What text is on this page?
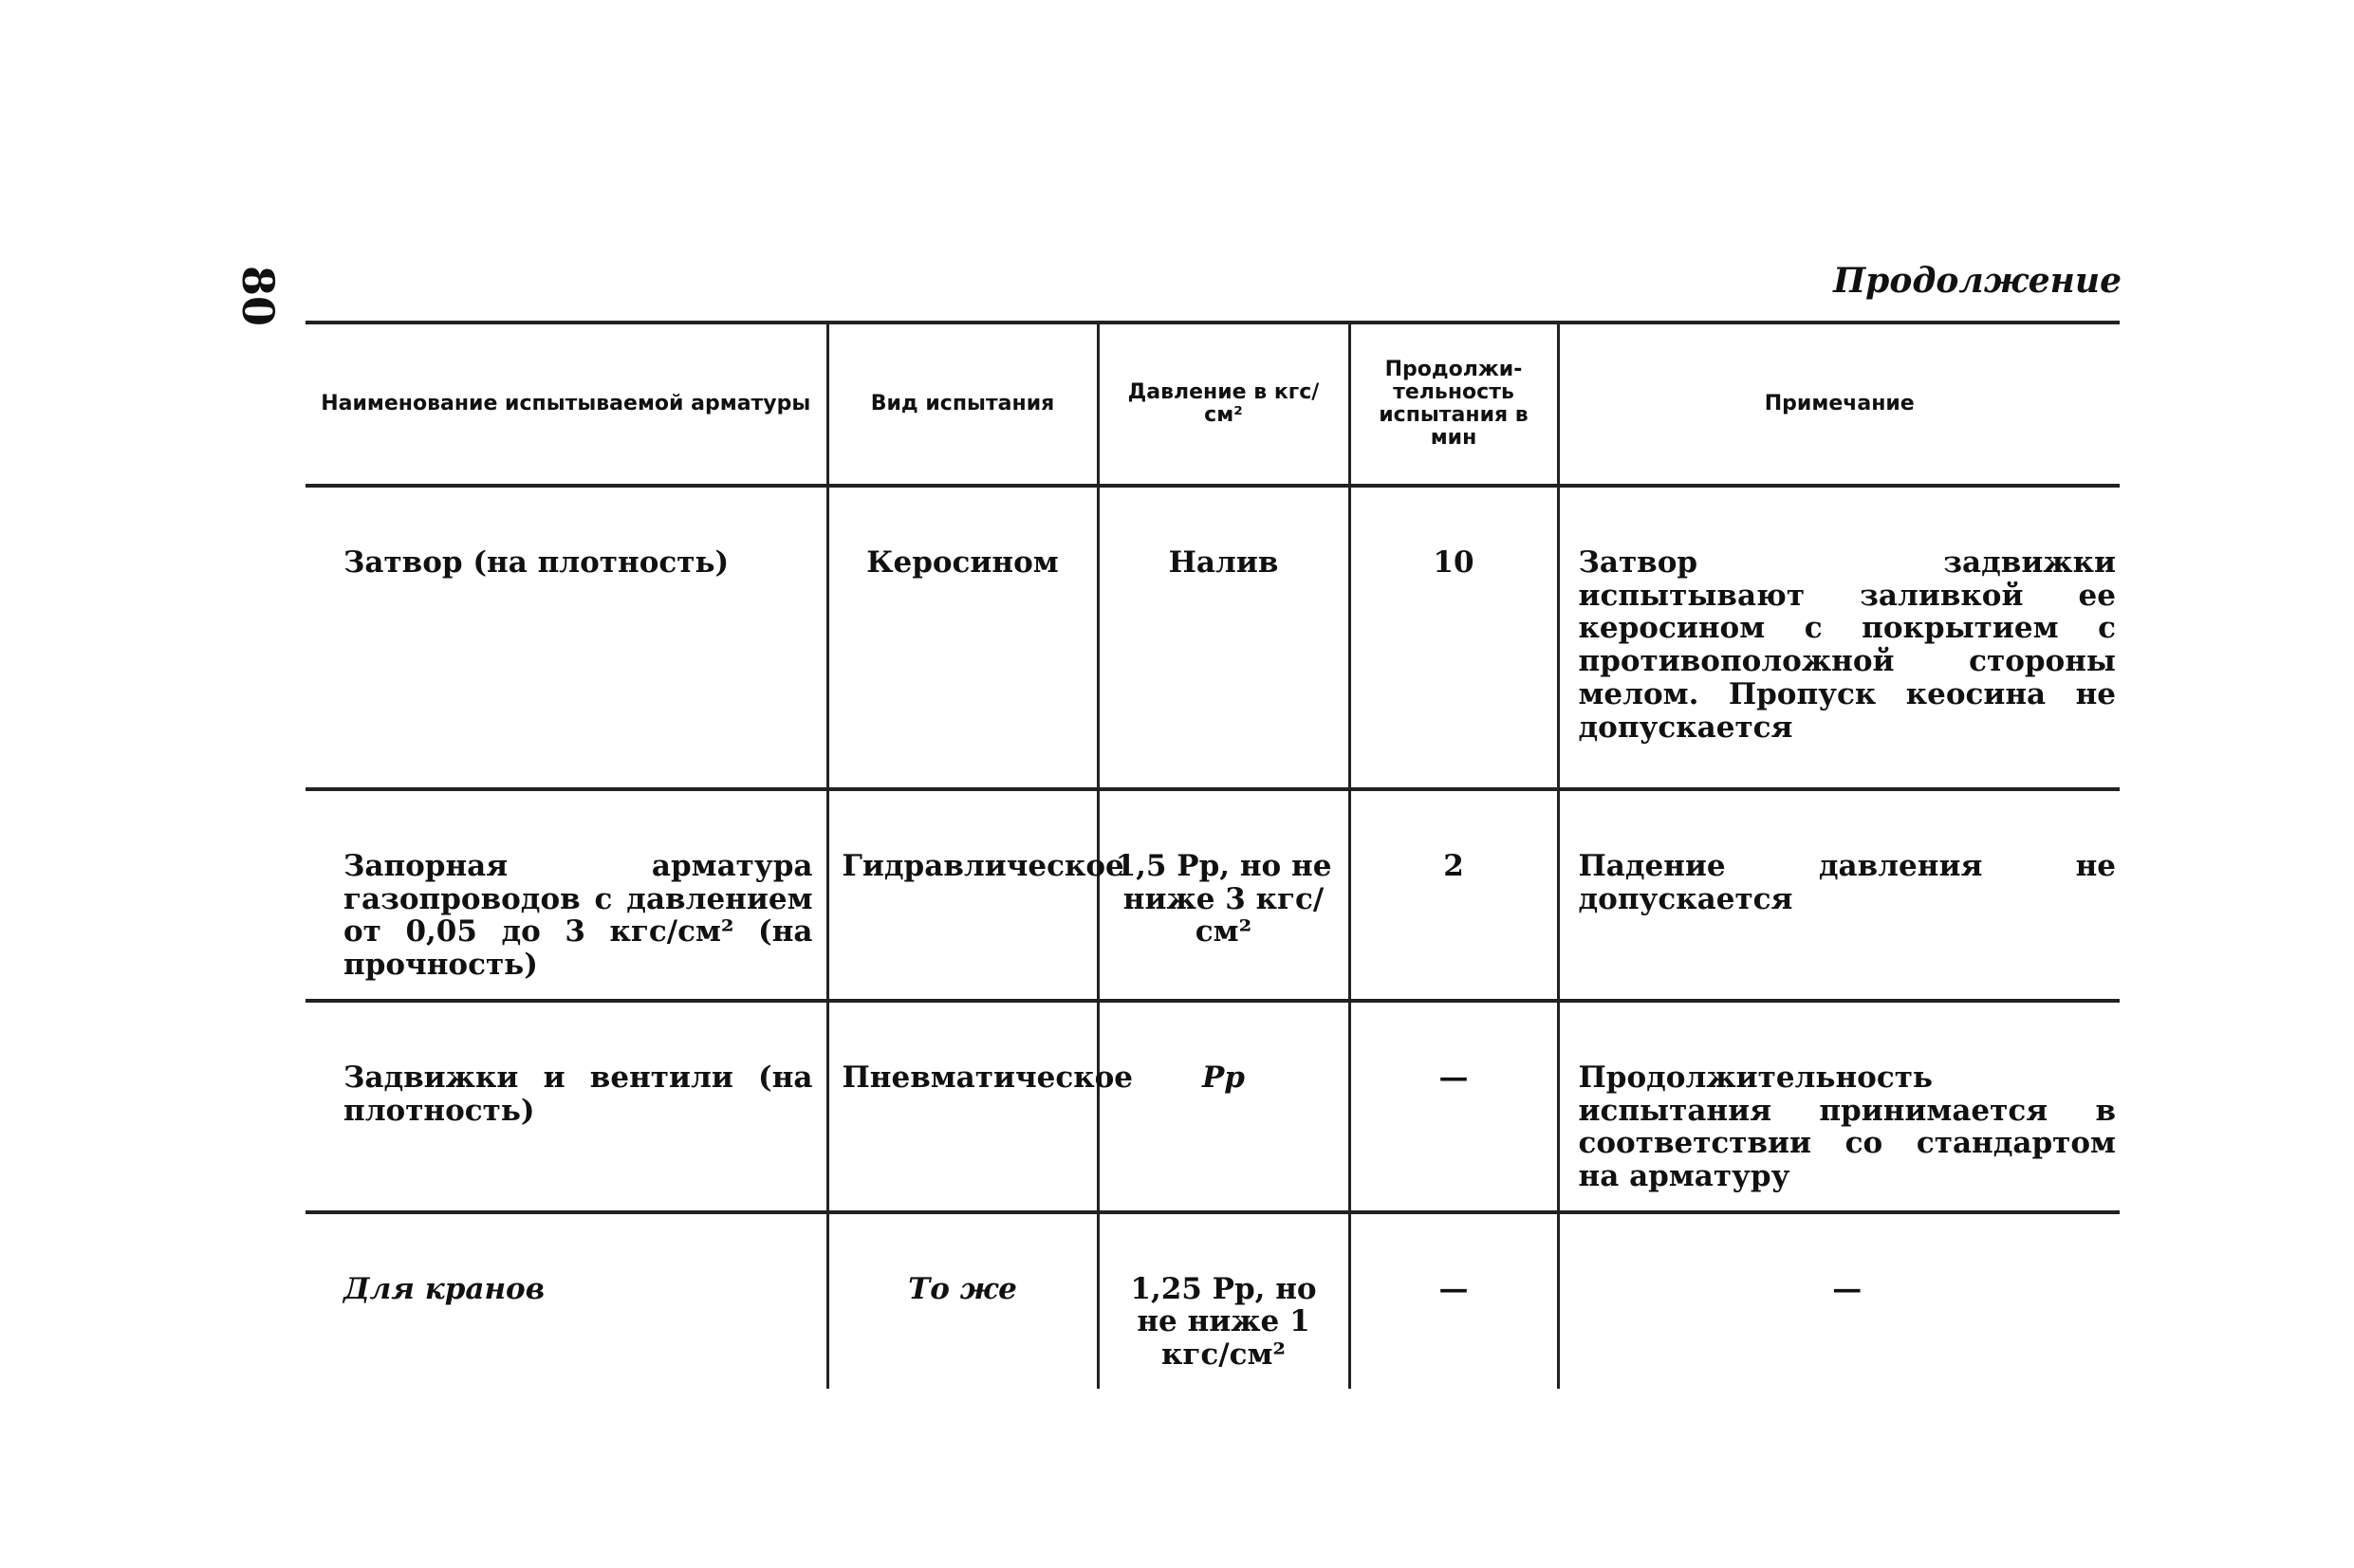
80	Продолжение
Наименование испытываемой арматуры	Вид испытания	Давление в кгс/см²	Продолжи-тельность испытания в мин	Примечание
Затвор (на плотность)	Керосином	Налив	10	Затвор задвижки испытывают заливкой ее керосином с покрытием с противоположной стороны мелом. Пропуск кеoсина не допускается
Запорная арматура газопроводов с давлением от 0,05 до 3 кгс/см² (на прочность)	Гидравлическое	1,5 Pp, но не ниже 3 кгс/см²	2	Падение давления не допускается
Задвижки и вентили (на плотность)	Пневматическое	Pp	—	Продолжительность испытания принимается в соответствии со стандартом на арматуру
Для кранов	То же	1,25 Pp, но не ниже 1 кгс/см²	—	—
